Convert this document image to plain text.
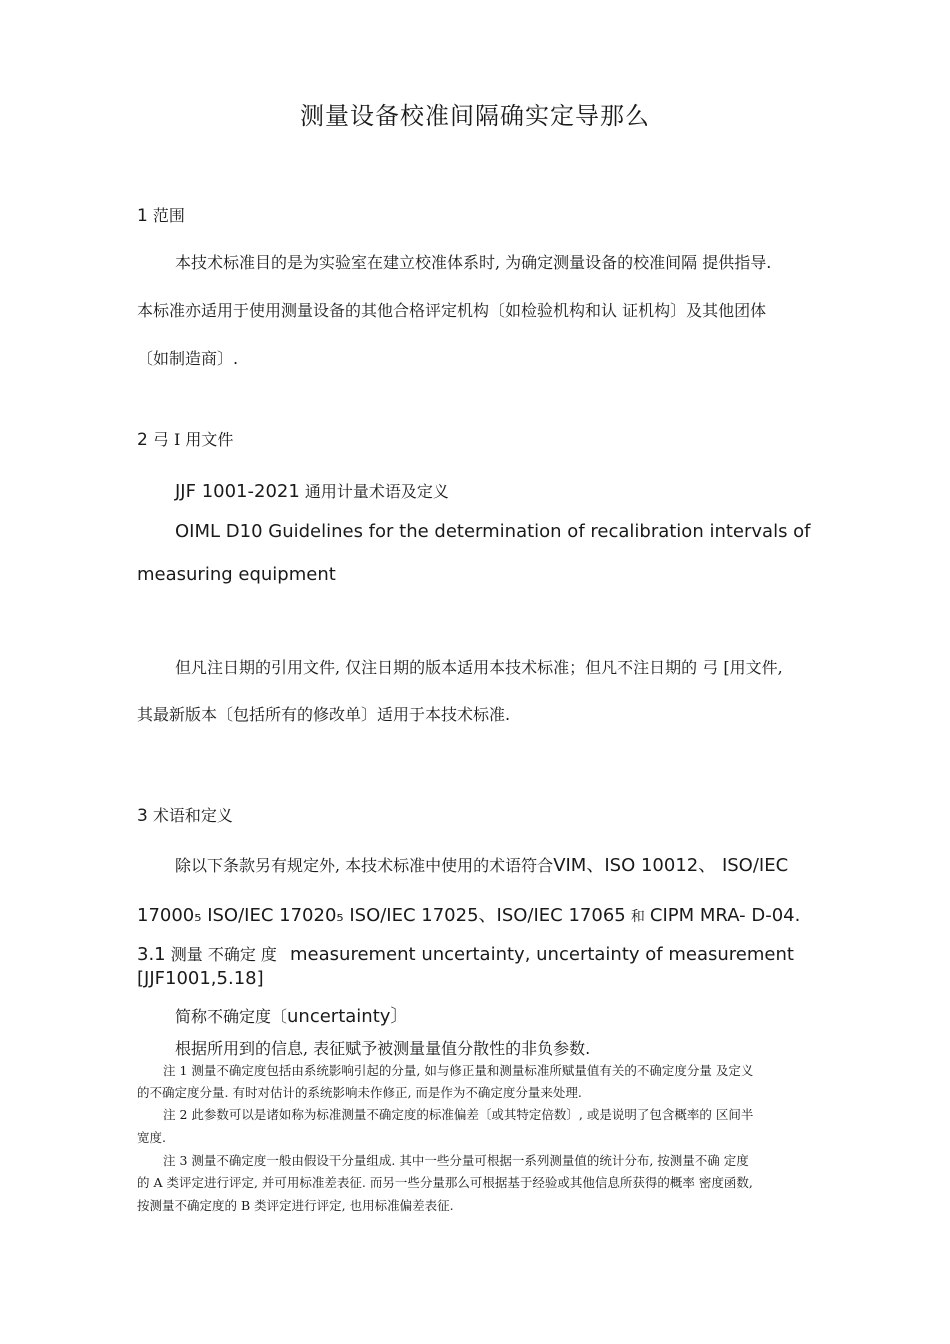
测量设备校准间隔确实定导那么
1 范围
本技术标准目的是为实验室在建立校准体系时, 为确定测量设备的校准间隔 提供指导.
本标准亦适用于使用测量设备的其他合格评定机构〔如检验机构和认 证机构〕及其他团体
〔如制造商〕.
2 弓 I 用文件
JJF 1001-2021 通用计量术语及定义
OIML D10 Guidelines for the determination of recalibration intervals of
measuring equipment
但凡注日期的引用文件, 仅注日期的版本适用本技术标准；但凡不注日期的 弓 [用文件,
其最新版本〔包括所有的修改单〕适用于本技术标准.
3 术语和定义
除以下条款另有规定外, 本技术标准中使用的术语符合VIM、ISO 10012、 ISO/IEC
17000₅ ISO/IEC 17020₅ ISO/IEC 17025、ISO/IEC 17065 和 CIPM MRA- D-04.
3.1 测量 不确定 度 measurement uncertainty, uncertainty of measurement
[JJF1001,5.18]
简称不确定度〔uncertainty〕
根据所用到的信息, 表征赋予被测量量值分散性的非负参数.
注 1 测量不确定度包括由系统影响引起的分量, 如与修正量和测量标准所赋量值有关的不确定度分量 及定义
的不确定度分量. 有时对估计的系统影响未作修正, 而是作为不确定度分量来处理.
注 2 此参数可以是诸如称为标准测量不确定度的标准偏差〔或其特定倍数〕, 或是说明了包含概率的 区间半
宽度.
注 3 测量不确定度一般由假设干分量组成. 其中一些分量可根据一系列测量值的统计分布, 按测量不确 定度
的 A 类评定进行评定, 并可用标准差表征. 而另一些分量那么可根据基于经验或其他信息所获得的概率 密度函数,
按测量不确定度的 B 类评定进行评定, 也用标准偏差表征.
